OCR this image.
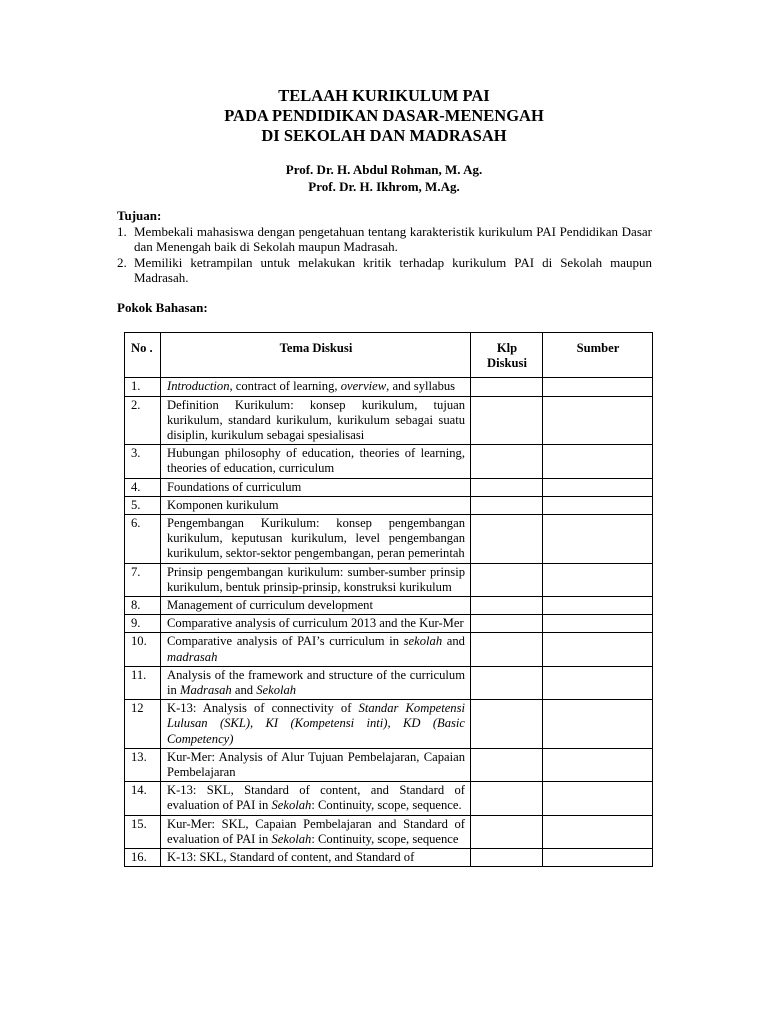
TELAAH KURIKULUM PAI
PADA PENDIDIKAN DASAR-MENENGAH
DI SEKOLAH DAN MADRASAH
Prof. Dr. H. Abdul Rohman, M. Ag.
Prof. Dr. H. Ikhrom, M.Ag.
Tujuan:
1. Membekali mahasiswa dengan pengetahuan tentang karakteristik kurikulum PAI Pendidikan Dasar dan Menengah baik di Sekolah maupun Madrasah.
2. Memiliki ketrampilan untuk melakukan kritik terhadap kurikulum PAI di Sekolah maupun Madrasah.
Pokok Bahasan:
No .	Tema Diskusi	Klp Diskusi	Sumber
1.	Introduction, contract of learning, overview, and syllabus		
2.	Definition Kurikulum: konsep kurikulum, tujuan kurikulum, standard kurikulum, kurikulum sebagai suatu disiplin, kurikulum sebagai spesialisasi		
3.	Hubungan philosophy of education, theories of learning, theories of education, curriculum		
4.	Foundations of curriculum		
5.	Komponen kurikulum		
6.	Pengembangan Kurikulum: konsep pengembangan kurikulum, keputusan kurikulum, level pengembangan kurikulum, sektor-sektor pengembangan, peran pemerintah		
7.	Prinsip pengembangan kurikulum: sumber-sumber prinsip kurikulum, bentuk prinsip-prinsip, konstruksi kurikulum		
8.	Management of curriculum development		
9.	Comparative analysis of curriculum 2013 and the Kur-Mer		
10.	Comparative analysis of PAI’s curriculum in sekolah and madrasah		
11.	Analysis of the framework and structure of the curriculum in Madrasah and Sekolah		
12	K-13: Analysis of connectivity of Standar Kompetensi Lulusan (SKL), KI (Kompetensi inti), KD (Basic Competency)		
13.	Kur-Mer: Analysis of Alur Tujuan Pembelajaran, Capaian Pembelajaran		
14.	K-13: SKL, Standard of content, and Standard of evaluation of PAI in Sekolah: Continuity, scope, sequence.		
15.	Kur-Mer: SKL, Capaian Pembelajaran and Standard of evaluation of PAI in Sekolah: Continuity, scope, sequence		
16.	K-13: SKL, Standard of content, and Standard of		
